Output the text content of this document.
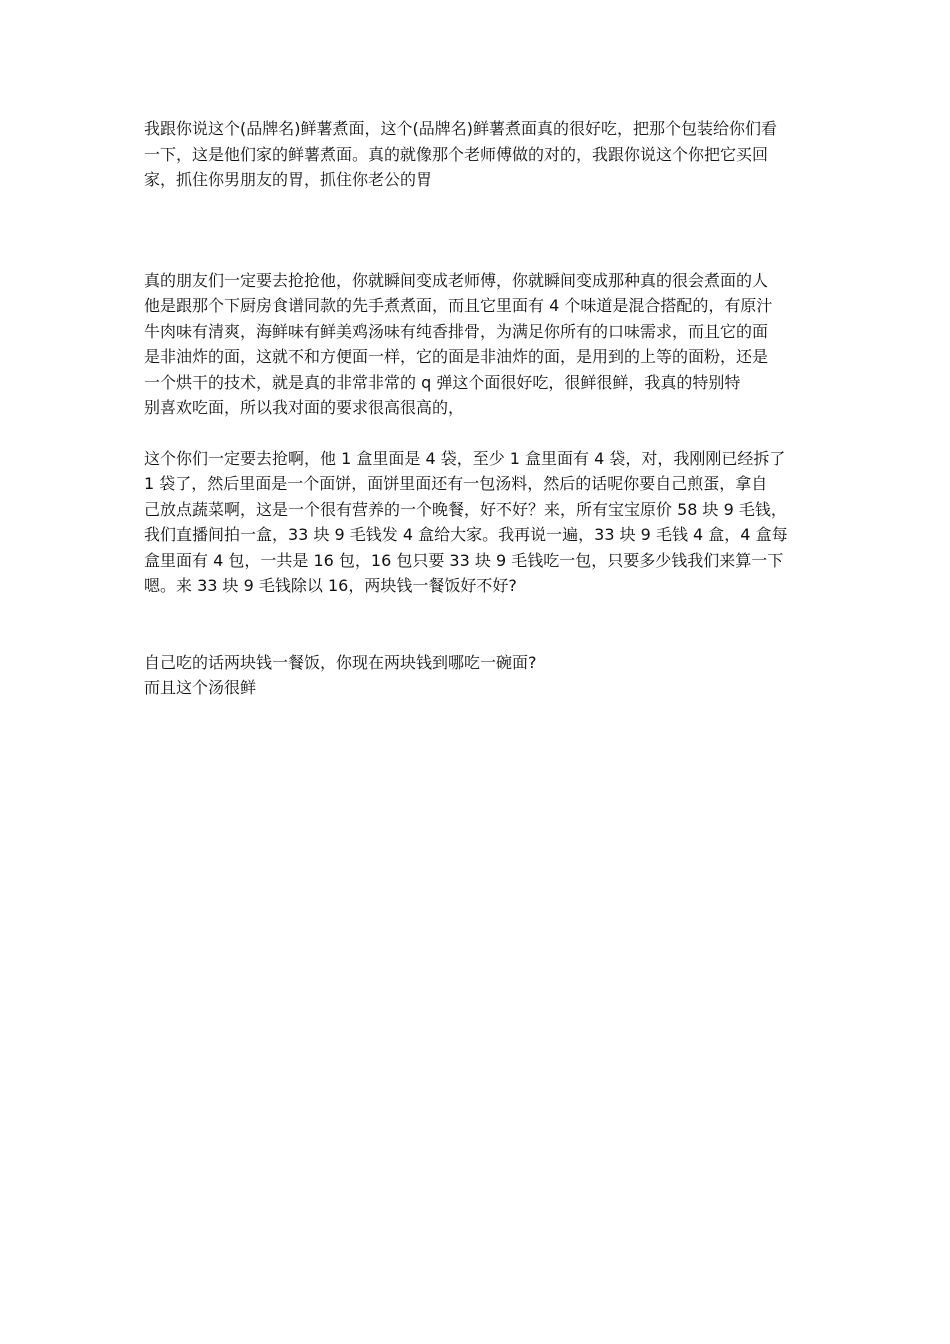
我跟你说这个(品牌名)鲜薯煮面，这个(品牌名)鲜薯煮面真的很好吃，把那个包装给你们看
一下，这是他们家的鲜薯煮面。真的就像那个老师傅做的对的，我跟你说这个你把它买回
家，抓住你男朋友的胃，抓住你老公的胃

真的朋友们一定要去抢抢他，你就瞬间变成老师傅，你就瞬间变成那种真的很会煮面的人
他是跟那个下厨房食谱同款的先手煮煮面，而且它里面有 4 个味道是混合搭配的，有原汁
牛肉味有清爽，海鲜味有鲜美鸡汤味有纯香排骨，为满足你所有的口味需求，而且它的面
是非油炸的面，这就不和方便面一样，它的面是非油炸的面，是用到的上等的面粉，还是
一个烘干的技术，就是真的非常非常的 q 弹这个面很好吃，很鲜很鲜，我真的特别特
别喜欢吃面，所以我对面的要求很高很高的，

这个你们一定要去抢啊，他 1 盒里面是 4 袋，至少 1 盒里面有 4 袋，对，我刚刚已经拆了
1 袋了，然后里面是一个面饼，面饼里面还有一包汤料，然后的话呢你要自己煎蛋，拿自
己放点蔬菜啊，这是一个很有营养的一个晚餐，好不好？来，所有宝宝原价 58 块 9 毛钱，
我们直播间拍一盒，33 块 9 毛钱发 4 盒给大家。我再说一遍，33 块 9 毛钱 4 盒，4 盒每
盒里面有 4 包，一共是 16 包，16 包只要 33 块 9 毛钱吃一包，只要多少钱我们来算一下
嗯。来 33 块 9 毛钱除以 16，两块钱一餐饭好不好?

自己吃的话两块钱一餐饭，你现在两块钱到哪吃一碗面?
而且这个汤很鲜
